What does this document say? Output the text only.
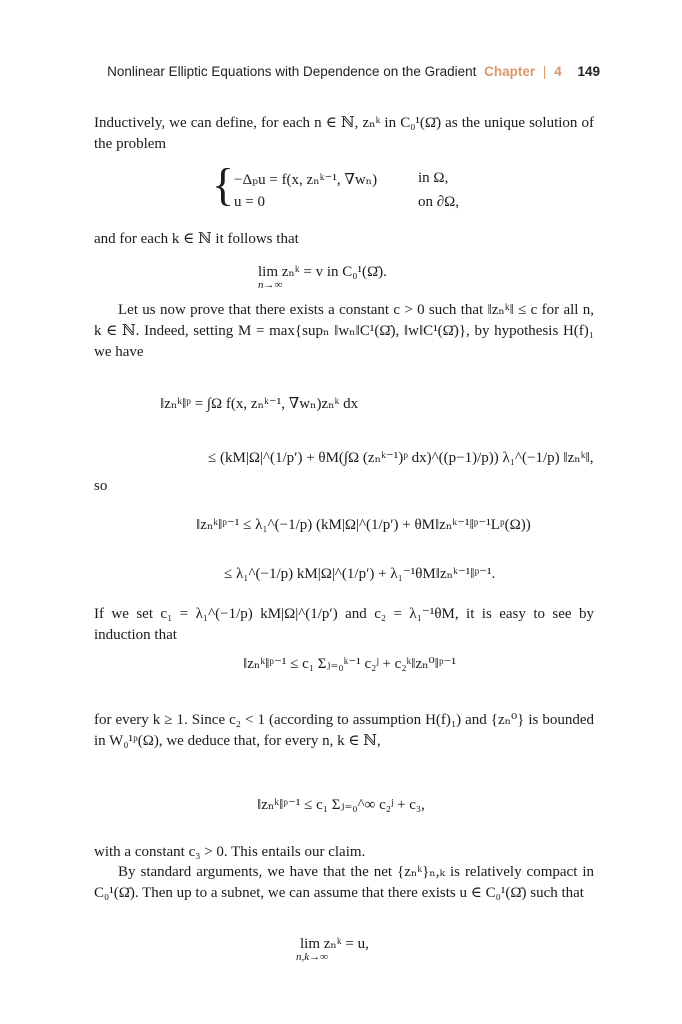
Nonlinear Elliptic Equations with Dependence on the Gradient Chapter | 4 149
Inductively, we can define, for each n ∈ ℕ, zₙᵏ in C₀¹(Ω̄) as the unique solution of the problem
{ −Δₚu = f(x, zₙᵏ⁻¹, ∇wₙ)	in Ω,
u = 0	on ∂Ω,
and for each k ∈ ℕ it follows that
lim zₙᵏ = v in C₀¹(Ω̄).
n→∞
Let us now prove that there exists a constant c > 0 such that ‖zₙᵏ‖ ≤ c for all n, k ∈ ℕ. Indeed, setting M = max{supₙ ‖wₙ‖C¹(Ω̄), ‖w‖C¹(Ω̄)}, by hypothesis H(f)₁ we have
‖zₙᵏ‖ᵖ = ∫Ω f(x, zₙᵏ⁻¹, ∇wₙ)zₙᵏ dx
≤ (kM|Ω|^(1/p′) + θM(∫Ω (zₙᵏ⁻¹)ᵖ dx)^((p−1)/p)) λ₁^(−1/p) ‖zₙᵏ‖,
so
‖zₙᵏ‖ᵖ⁻¹ ≤ λ₁^(−1/p) (kM|Ω|^(1/p′) + θM‖zₙᵏ⁻¹‖ᵖ⁻¹Lᵖ(Ω))
≤ λ₁^(−1/p) kM|Ω|^(1/p′) + λ₁⁻¹θM‖zₙᵏ⁻¹‖ᵖ⁻¹.
If we set c₁ = λ₁^(−1/p) kM|Ω|^(1/p′) and c₂ = λ₁⁻¹θM, it is easy to see by induction that
‖zₙᵏ‖ᵖ⁻¹ ≤ c₁ Σⱼ₌₀ᵏ⁻¹ c₂ʲ + c₂ᵏ‖zₙ⁰‖ᵖ⁻¹
for every k ≥ 1. Since c₂ < 1 (according to assumption H(f)₁) and {zₙ⁰} is bounded in W₀¹ᵖ(Ω), we deduce that, for every n, k ∈ ℕ,
‖zₙᵏ‖ᵖ⁻¹ ≤ c₁ Σⱼ₌₀^∞ c₂ʲ + c₃,
with a constant c₃ > 0. This entails our claim.
By standard arguments, we have that the net {zₙᵏ}ₙ,ₖ is relatively compact in C₀¹(Ω̄). Then up to a subnet, we can assume that there exists u ∈ C₀¹(Ω̄) such that
lim zₙᵏ = u,
n,k→∞
